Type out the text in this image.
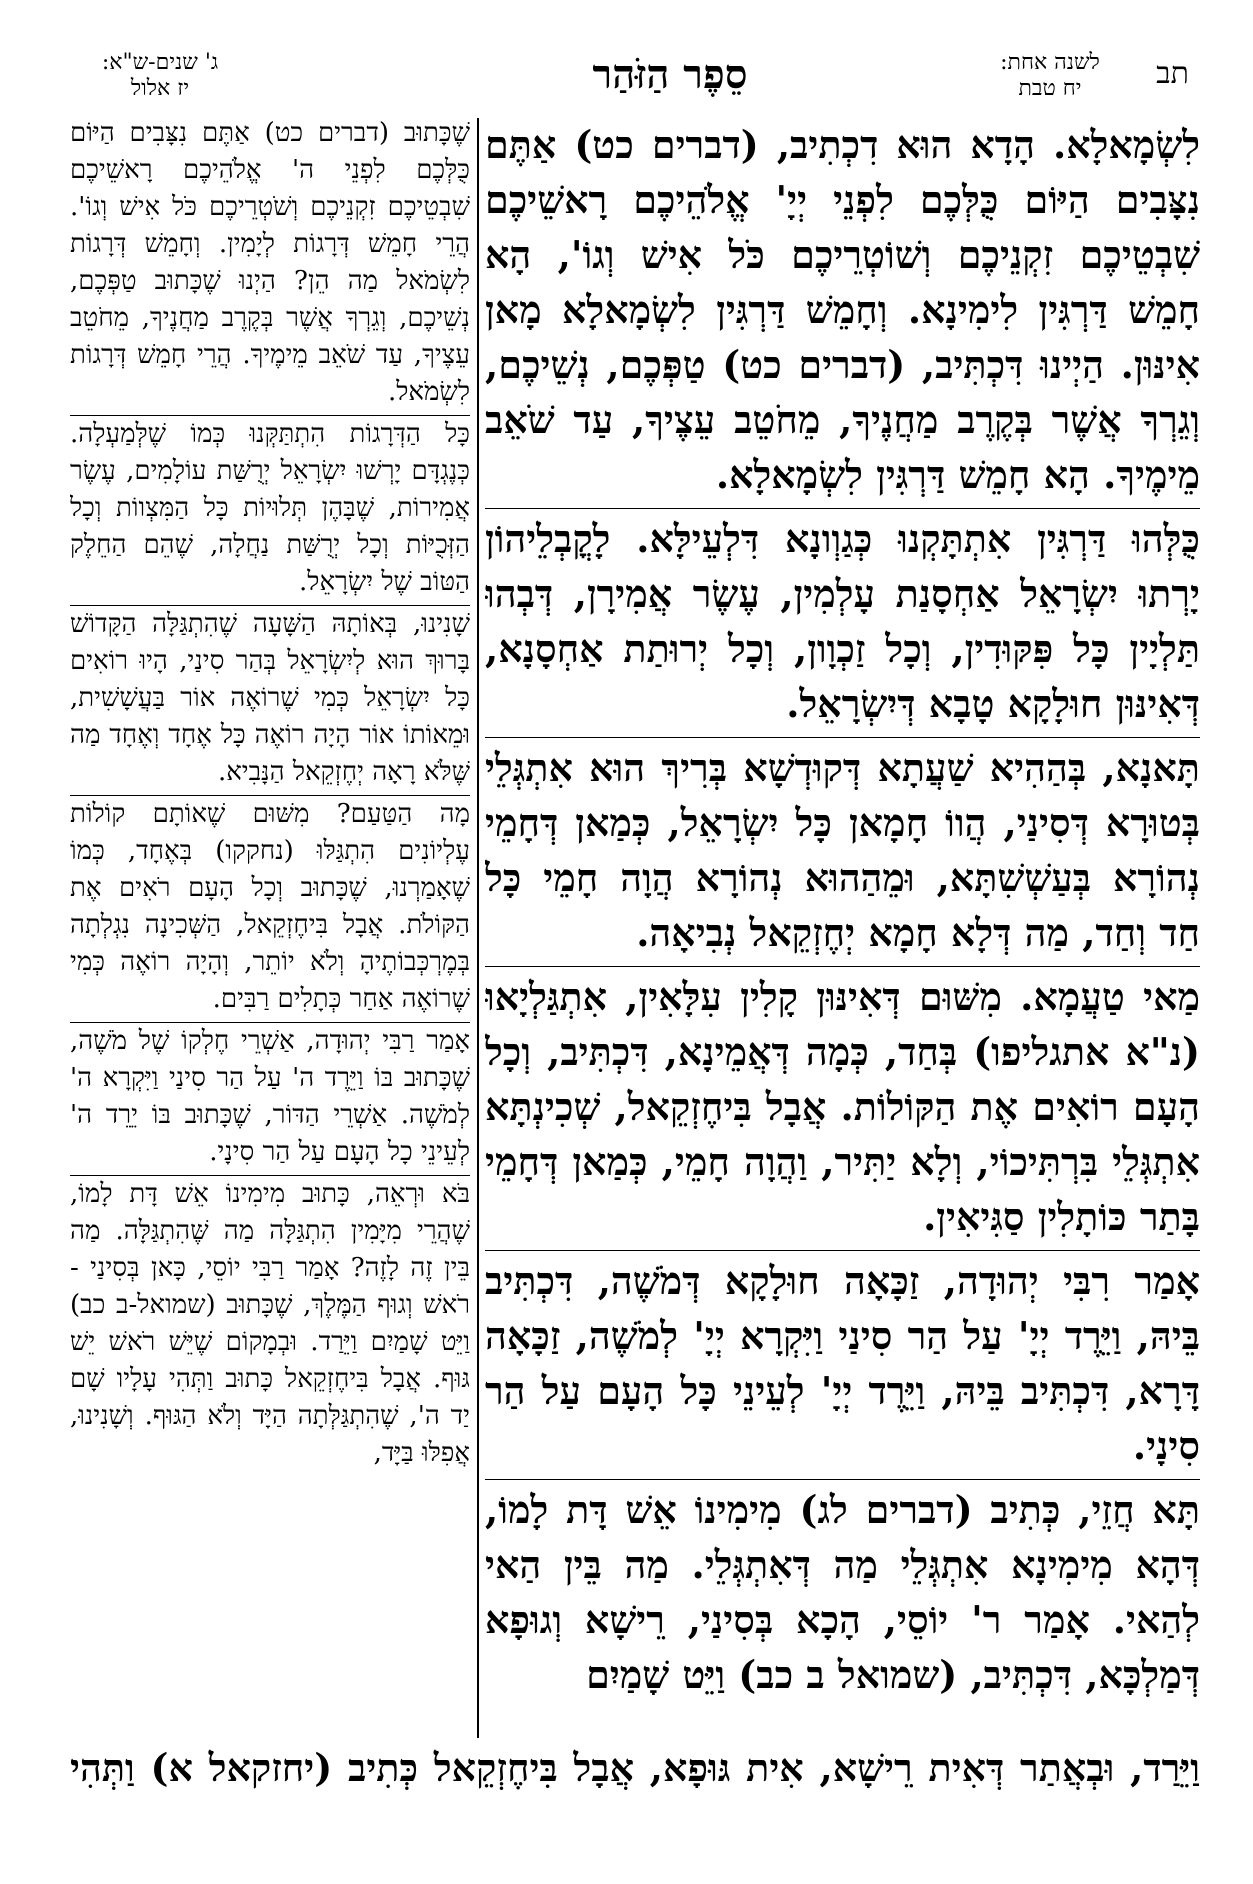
ג' שנים-ש"א:
יז אלול	סֵפֶר הַזֹּהַר	לשנה אחת:
יח טבת	תב

לִשְׂמָאלָא. הָדָא הוּא דִכְתִיב, (דברים כט) אַתֶּם נִצָּבִים הַיּוֹם כֻּלְּכֶם לִפְנֵי יְיָ' אֱלֹהֵיכֶם רָאשֵׁיכֶם שִׁבְטֵיכֶם זִקְנֵיכֶם וְשׁוֹטְרֵיכֶם כֹּל אִישׁ וְגוֹ', הָא חָמֵשׁ דַּרְגִּין לִימִינָא. וְחָמֵשׁ דַּרְגִּין לִשְׂמָאלָא מָאן אִינּוּן. הַיְינוּ דִּכְתִּיב, (דברים כט) טַפְּכֶם, נְשֵׁיכֶם, וְגֵרְךָ אֲשֶׁר בְּקֶרֶב מַחֲנֶיךָ, מֵחֹטֵב עֵצֶיךָ, עַד שֹׁאֵב מֵימֶיךָ. הָא חָמֵשׁ דַּרְגִּין לִשְׂמָאלָא.

כֻּלְּהוּ דַּרְגִּין אִתְתָּקְנוּ כְּגַוְונָא דִּלְעֵילָּא. לָקֳבְלֵיהוֹן יָרְתוּ יִשְׂרָאֵל אַחְסָנַת עָלְמִין, עֶשֶׂר אֲמִירָן, דְּבְהוּ תַּלְיָין כָּל פִּקּוּדִין, וְכָל זַכְוָון, וְכָל יְרוּתַת אַחְסָנָא, דְּאִינּוּן חוּלָקָא טָבָא דְּיִשְׂרָאֵל.

תָּאנָא, בְּהַהִיא שַׁעֲתָא דְּקוּדְשָׁא בְּרִיךְ הוּא אִתְגְּלֵי בְּטוּרָא דְּסִינַי, הֲווֹ חָמָאן כָּל יִשְׂרָאֵל, כְּמַאן דְּחָמֵי נְהוֹרָא בְּעַשְׁשִׁתָּא, וּמֵהַהוּא נְהוֹרָא הֲוָה חָמֵי כָּל חַד וְחַד, מַה דְּלָא חָמָא יְחֶזְקֵאל נְבִיאָה.

מַאי טַעֲמָא. מִשּׁוּם דְּאִינּוּן קָלִין עִלָּאִין, אִתְגַּלְיָאוּ (נ"א אתגליפו) בְּחַד, כְּמָה דְּאֲמֵינָא, דִּכְתִּיב, וְכָל הָעָם רוֹאִים אֶת הַקּוֹלוֹת. אֲבָל בִּיחֶזְקֵאל, שְׁכִינְתָּא אִתְגְּלֵי בִּרְתִּיכוֹי, וְלָא יַתִּיר, וַהֲוָה חָמֵי, כְּמַאן דְּחָמֵי בָּתַר כּוֹתָלִין סַגִּיאִין.

אָמַר רִבִּי יְהוּדָה, זַכָּאָה חוּלָקָא דְּמֹשֶׁה, דִּכְתִּיב בֵּיהּ, וַיֵּרֶד יְיָ' עַל הַר סִינַי וַיִּקְרָא יְיָ' לְמֹשֶׁה, זַכָּאָה דָּרָא, דִּכְתִּיב בֵּיהּ, וַיֵּרֶד יְיָ' לְעֵינֵי כָּל הָעָם עַל הַר סִינָי.

תָּא חֲזֵי, כְּתִיב (דברים לג) מִימִינוֹ אֵשׁ דָּת לָמוֹ, דְּהָא מִימִינָא אִתְגְּלֵי מַה דְּאִתְגְּלֵי. מַה בֵּין הַאי לְהַאי. אָמַר ר' יוֹסֵי, הָכָא בְּסִינַי, רֵישָׁא וְגוּפָא דְּמַלְכָּא, דִּכְתִּיב, (שמואל ב כב) וַיֵּט שָׁמַיִם

שֶׁכָּתוּב (דברים כט) אַתֶּם נִצָּבִים הַיּוֹם כֻּלְּכֶם לִפְנֵי ה' אֱלֹהֵיכֶם רָאשֵׁיכֶם שִׁבְטֵיכֶם זִקְנֵיכֶם וְשֹׁטְרֵיכֶם כֹּל אִישׁ וְגוֹ'. הֲרֵי חָמֵשׁ דְּרָגוֹת לְיָמִין. וְחָמֵשׁ דְּרָגוֹת לִשְׂמֹאל מַה הֵן? הַיְנוּ שֶׁכָּתוּב טַפְּכֶם, נְשֵׁיכֶם, וְגֵרְךָ אֲשֶׁר בְּקֶרֶב מַחֲנֶיךָ, מֵחֹטֵב עֵצֶיךָ, עַד שֹׁאֵב מֵימֶיךָ. הֲרֵי חָמֵשׁ דְּרָגוֹת לִשְׂמֹאל.

כָּל הַדְּרָגוֹת הִתְתַּקְּנוּ כְּמוֹ שֶׁלְּמַעְלָה. כְּנֶגְדָּם יָרְשׁוּ יִשְׂרָאֵל יְרֻשַּׁת עוֹלָמִים, עֶשֶׂר אֲמִירוֹת, שֶׁבָּהֶן תְּלוּיוֹת כָּל הַמִּצְווֹת וְכָל הַזְּכֻיּוֹת וְכָל יְרֻשַּׁת נַחֲלָה, שֶׁהֵם הַחֵלֶק הַטּוֹב שֶׁל יִשְׂרָאֵל.

שָׁנִינוּ, בְּאוֹתָהּ הַשָּׁעָה שֶׁהִתְגַּלָּה הַקָּדוֹשׁ בָּרוּךְ הוּא לְיִשְׂרָאֵל בְּהַר סִינַי, הָיוּ רוֹאִים כָּל יִשְׂרָאֵל כְּמִי שֶׁרוֹאֶה אוֹר בַּעֲשָׁשִׁית, וּמֵאוֹתוֹ אוֹר הָיָה רוֹאֶה כָּל אֶחָד וְאֶחָד מַה שֶּׁלֹּא רָאָה יְחֶזְקֵאל הַנָּבִיא.

מָה הַטַּעַם? מִשּׁוּם שֶׁאוֹתָם קוֹלוֹת עֶלְיוֹנִים הִתְגַּלּוּ (נחקקו) בְּאֶחָד, כְּמוֹ שֶׁאָמַרְנוּ, שֶׁכָּתוּב וְכָל הָעָם רֹאִים אֶת הַקּוֹלֹת. אֲבָל בִּיחֶזְקֵאל, הַשְּׁכִינָה נִגְלְתָה בְּמֶרְכְּבוֹתֶיהָ וְלֹא יוֹתֵר, וְהָיָה רוֹאֶה כְּמִי שֶׁרוֹאֶה אַחַר כְּתָלִים רַבִּים.

אָמַר רַבִּי יְהוּדָה, אַשְׁרֵי חֶלְקוֹ שֶׁל מֹשֶׁה, שֶׁכָּתוּב בּוֹ וַיֵּרֶד ה' עַל הַר סִינַי וַיִּקְרָא ה' לְמֹשֶׁה. אַשְׁרֵי הַדּוֹר, שֶׁכָּתוּב בּוֹ יֵרֵד ה' לְעֵינֵי כָל הָעָם עַל הַר סִינָי.

בֹּא וּרְאֵה, כָּתוּב מִימִינוֹ אֵשׁ דָּת לָמוֹ, שֶׁהֲרֵי מִיָּמִין הִתְגַּלָּה מַה שֶּׁהִתְגַּלָּה. מַה בֵּין זֶה לָזֶה? אָמַר רַבִּי יוֹסֵי, כָּאן בְּסִינַי - רֹאשׁ וְגוּף הַמֶּלֶךְ, שֶׁכָּתוּב (שמואל-ב כב) וַיֵּט שָׁמַיִם וַיֵּרַד. וּבְמָקוֹם שֶׁיֵּשׁ רֹאשׁ יֵשׁ גּוּף. אֲבָל בִּיחֶזְקֵאל כָּתוּב וַתְּהִי עָלָיו שָׁם יַד ה', שֶׁהִתְגַּלְּתָה הַיָּד וְלֹא הַגּוּף. וְשָׁנִינוּ, אֲפִלּוּ בַּיָּד,

וַיֵּרַד, וּבְאֲתַר דְּאִית רֵישָׁא, אִית גּוּפָא, אֲבָל בִּיחֶזְקֵאל כְּתִיב (יחזקאל א) וַתְּהִי
